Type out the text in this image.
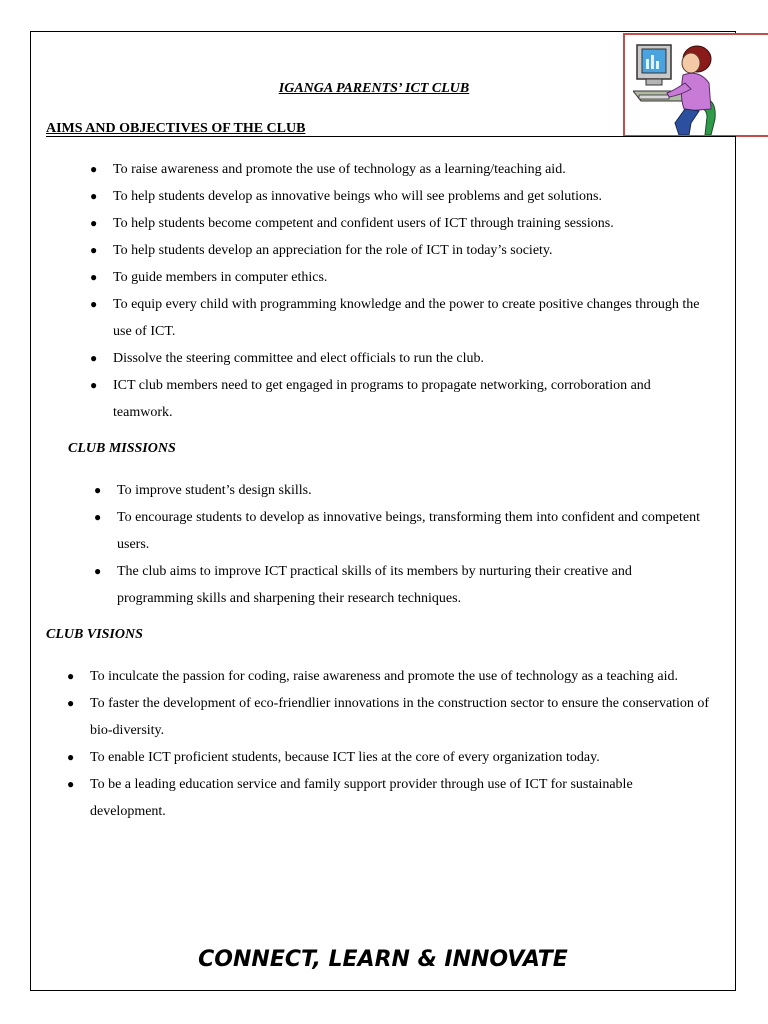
IGANGA PARENTS’ ICT CLUB
AIMS AND OBJECTIVES OF THE CLUB
● To raise awareness and promote the use of technology as a learning/teaching aid.
● To help students develop as innovative beings who will see problems and get solutions.
● To help students become competent and confident users of ICT through training sessions.
● To help students develop an appreciation for the role of ICT in today’s society.
● To guide members in computer ethics.
● To equip every child with programming knowledge and the power to create positive changes through the use of ICT.
● Dissolve the steering committee and elect officials to run the club.
● ICT club members need to get engaged in programs to propagate networking, corroboration and teamwork.
CLUB MISSIONS
● To improve student’s design skills.
● To encourage students to develop as innovative beings, transforming them into confident and competent users.
● The club aims to improve ICT practical skills of its members by nurturing their creative and programming skills and sharpening their research techniques.
CLUB VISIONS
● To inculcate the passion for coding, raise awareness and promote the use of technology as a teaching aid.
● To faster the development of eco-friendlier innovations in the construction sector to ensure the conservation of bio-diversity.
● To enable ICT proficient students, because ICT lies at the core of every organization today.
● To be a leading education service and family support provider through use of ICT for sustainable development.
CONNECT, LEARN & INNOVATE
